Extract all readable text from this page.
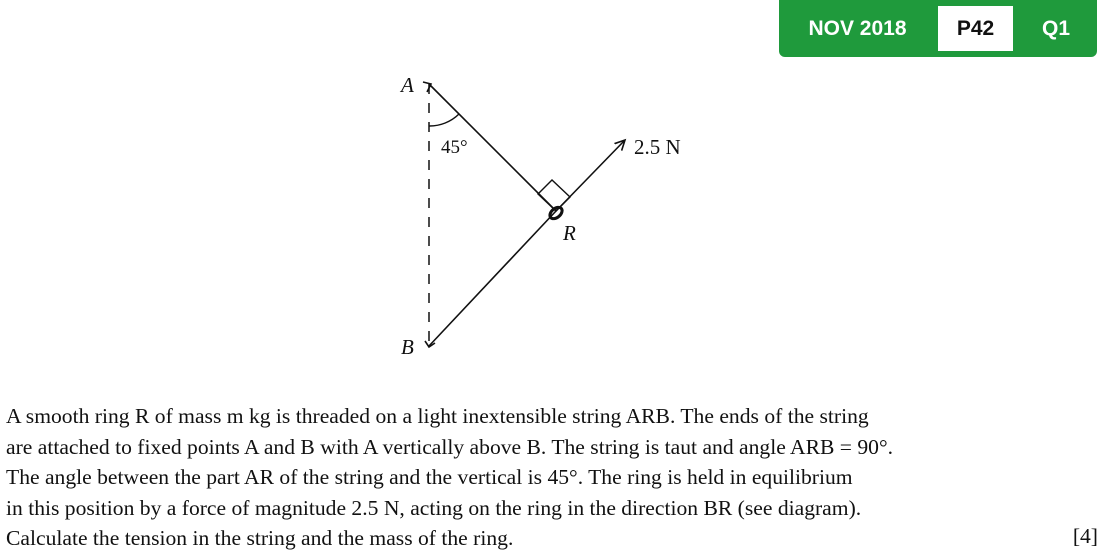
NOV 2018	P42	Q1
A
B
R
45°	2.5 N
A smooth ring R of mass m kg is threaded on a light inextensible string ARB. The ends of the string
are attached to fixed points A and B with A vertically above B. The string is taut and angle ARB = 90°.
The angle between the part AR of the string and the vertical is 45°. The ring is held in equilibrium
in this position by a force of magnitude 2.5 N, acting on the ring in the direction BR (see diagram).
Calculate the tension in the string and the mass of the ring.	[4]
